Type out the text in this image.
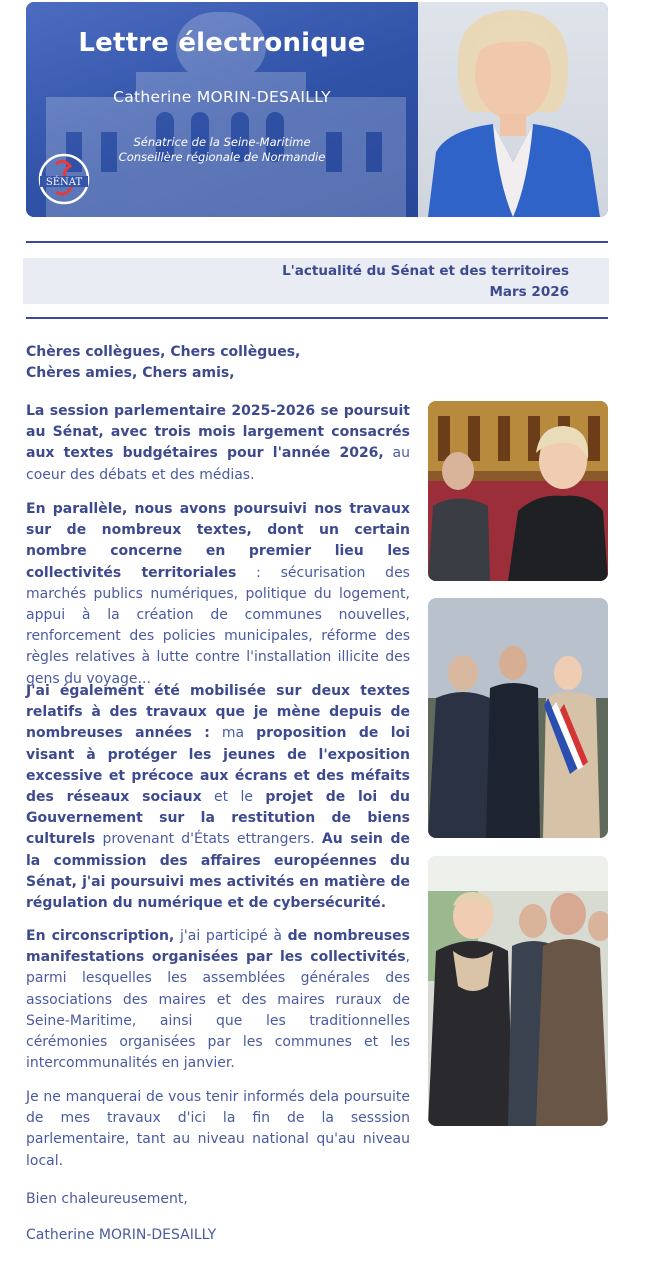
Lettre électronique
Catherine MORIN-DESAILLY
Sénatrice de la Seine-Maritime
Conseillère régionale de Normandie
SÉNAT
L'actualité du Sénat et des territoires
Mars 2026
Chères collègues, Chers collègues,
Chères amies, Chers amis,
La session parlementaire 2025-2026 se poursuit au Sénat, avec trois mois largement consacrés aux textes budgétaires pour l'année 2026, au coeur des débats et des médias.
En parallèle, nous avons poursuivi nos travaux sur de nombreux textes, dont un certain nombre concerne en premier lieu les collectivités territoriales : sécurisation des marchés publics numériques, politique du logement, appui à la création de communes nouvelles, renforcement des policies municipales, réforme des règles relatives à lutte contre l'installation illicite des gens du voyage...
J'ai également été mobilisée sur deux textes relatifs à des travaux que je mène depuis de nombreuses années : ma proposition de loi visant à protéger les jeunes de l'exposition excessive et précoce aux écrans et des méfaits des réseaux sociaux et le projet de loi du Gouvernement sur la restitution de biens culturels provenant d'États ettrangers. Au sein de la commission des affaires européennes du Sénat, j'ai poursuivi mes activités en matière de régulation du numérique et de cybersécurité.
En circonscription, j'ai participé à de nombreuses manifestations organisées par les collectivités, parmi lesquelles les assemblées générales des associations des maires et des maires ruraux de Seine-Maritime, ainsi que les traditionnelles cérémonies organisées par les communes et les intercommunalités en janvier.
Je ne manquerai de vous tenir informés dela poursuite de mes travaux d'ici la fin de la sesssion parlementaire, tant au niveau national qu'au niveau local.
Bien chaleureusement,
Catherine MORIN-DESAILLY
